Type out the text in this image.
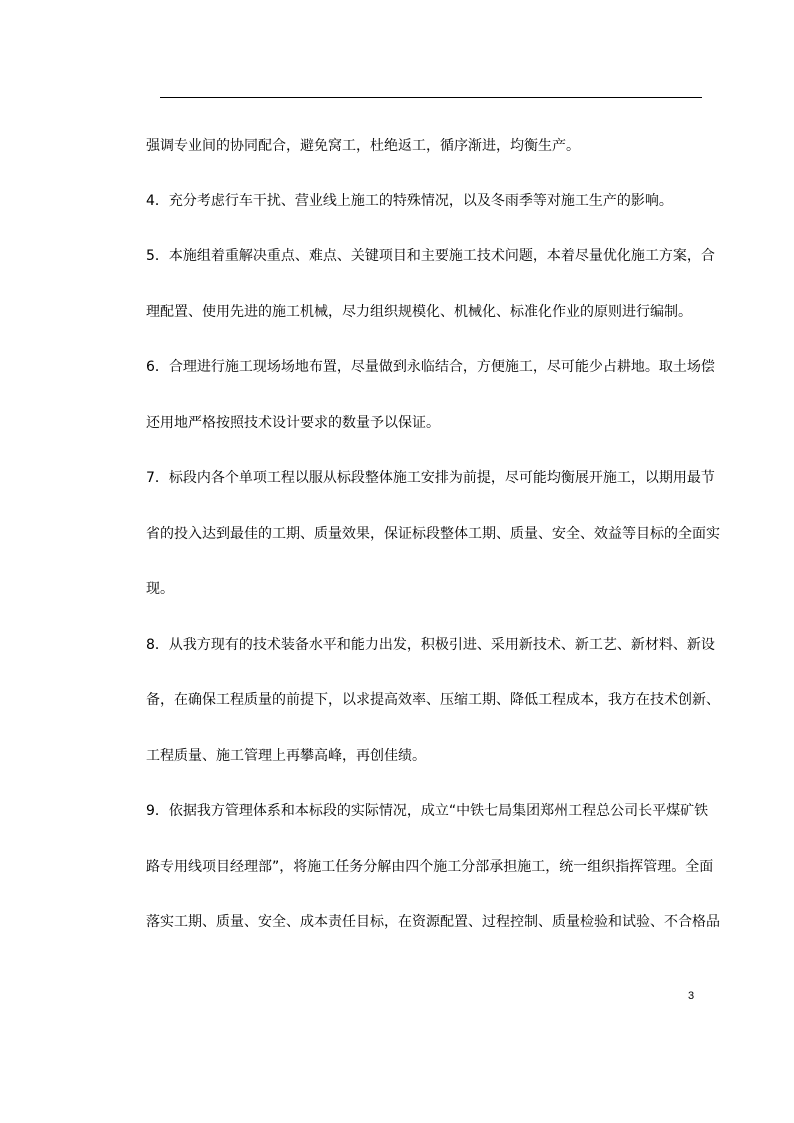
强调专业间的协同配合，避免窝工，杜绝返工，循序渐进，均衡生产。
4．充分考虑行车干扰、营业线上施工的特殊情况，以及冬雨季等对施工生产的影响。
5．本施组着重解决重点、难点、关键项目和主要施工技术问题，本着尽量优化施工方案，合
理配置、使用先进的施工机械，尽力组织规模化、机械化、标准化作业的原则进行编制。
6．合理进行施工现场场地布置，尽量做到永临结合，方便施工，尽可能少占耕地。取土场偿
还用地严格按照技术设计要求的数量予以保证。
7．标段内各个单项工程以服从标段整体施工安排为前提，尽可能均衡展开施工，以期用最节
省的投入达到最佳的工期、质量效果，保证标段整体工期、质量、安全、效益等目标的全面实
现。
8．从我方现有的技术装备水平和能力出发，积极引进、采用新技术、新工艺、新材料、新设
备，在确保工程质量的前提下，以求提高效率、压缩工期、降低工程成本，我方在技术创新、
工程质量、施工管理上再攀高峰，再创佳绩。
9．依据我方管理体系和本标段的实际情况，成立“中铁七局集团郑州工程总公司长平煤矿铁
路专用线项目经理部”，将施工任务分解由四个施工分部承担施工，统一组织指挥管理。全面
落实工期、质量、安全、成本责任目标，在资源配置、过程控制、质量检验和试验、不合格品
3
